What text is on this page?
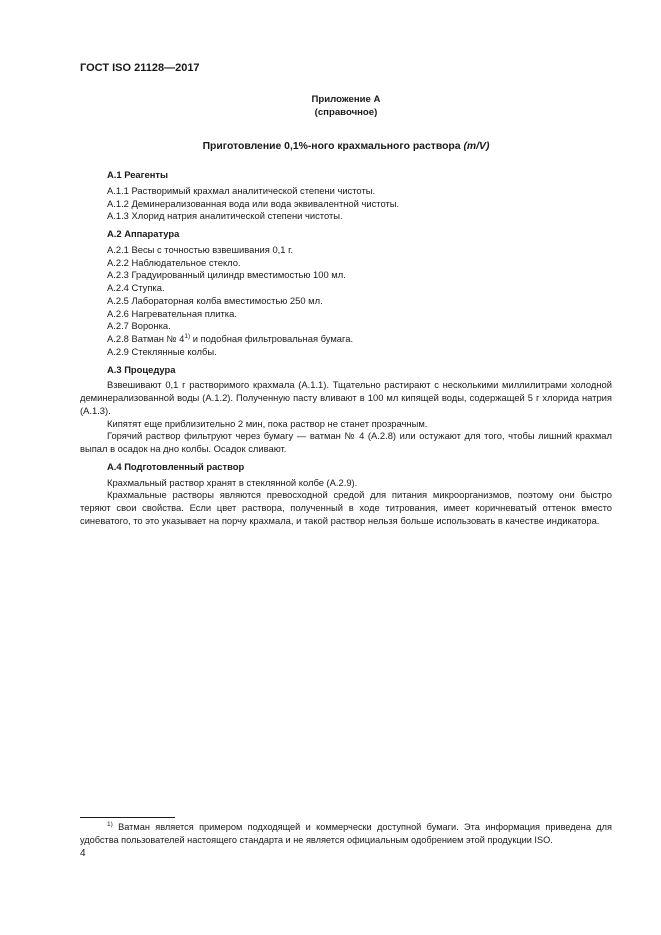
ГОСТ ISO 21128—2017
Приложение А
(справочное)
Приготовление 0,1%-ного крахмального раствора (m/V)
А.1 Реагенты
А.1.1 Растворимый крахмал аналитической степени чистоты.
А.1.2 Деминерализованная вода или вода эквивалентной чистоты.
А.1.3 Хлорид натрия аналитической степени чистоты.
А.2 Аппаратура
А.2.1 Весы с точностью взвешивания 0,1 г.
А.2.2 Наблюдательное стекло.
А.2.3 Градуированный цилиндр вместимостью 100 мл.
А.2.4 Ступка.
А.2.5 Лабораторная колба вместимостью 250 мл.
А.2.6 Нагревательная плитка.
А.2.7 Воронка.
А.2.8 Ватман № 4$^{1)}$ и подобная фильтровальная бумага.
А.2.9 Стеклянные колбы.
А.3 Процедура

Взвешивают 0,1 г растворимого крахмала (А.1.1). Тщательно растирают с несколькими миллилитрами холодной деминерализованной воды (А.1.2). Полученную пасту вливают в 100 мл кипящей воды, содержащей 5 г хлорида натрия (А.1.3).

Кипятят еще приблизительно 2 мин, пока раствор не станет прозрачным.

Горячий раствор фильтруют через бумагу — ватман № 4 (А.2.8) или остужают для того, чтобы лишний крахмал выпал в осадок на дно колбы. Осадок сливают.

А.4 Подготовленный раствор

Крахмальный раствор хранят в стеклянной колбе (А.2.9).

Крахмальные растворы являются превосходной средой для питания микроорганизмов, поэтому они быстро теряют свои свойства. Если цвет раствора, полученный в ходе титрования, имеет коричневатый оттенок вместо синеватого, то это указывает на порчу крахмала, и такой раствор нельзя больше использовать в качестве индикатора.

$^{1)}$ Ватман является примером подходящей и коммерчески доступной бумаги. Эта информация приведена для удобства пользователей настоящего стандарта и не является официальным одобрением этой продукции ISO.
4
